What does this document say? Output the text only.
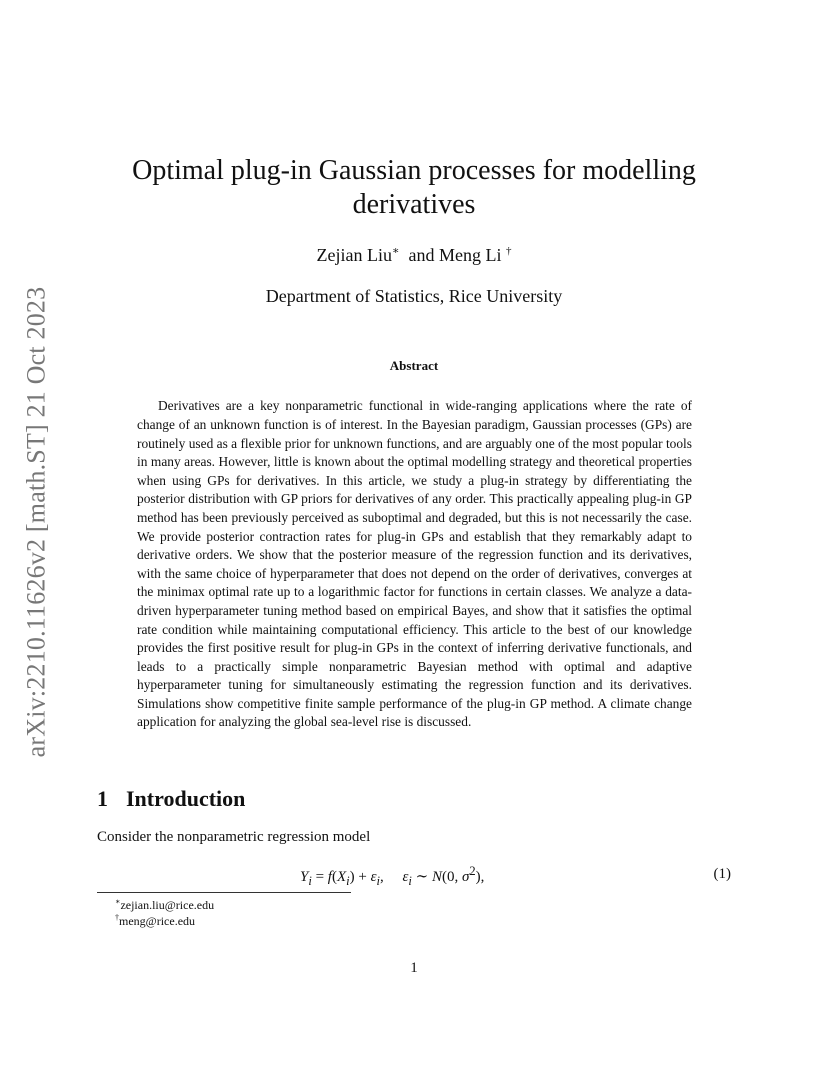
arXiv:2210.11626v2 [math.ST] 21 Oct 2023
Optimal plug-in Gaussian processes for modelling
derivatives
Zejian Liu∗ and Meng Li †
Department of Statistics, Rice University
Abstract

Derivatives are a key nonparametric functional in wide-ranging applications where the rate of change of an unknown function is of interest. In the Bayesian paradigm, Gaussian processes (GPs) are routinely used as a flexible prior for unknown functions, and are arguably one of the most popular tools in many areas. However, little is known about the optimal modelling strategy and theoretical properties when using GPs for derivatives. In this article, we study a plug-in strategy by differentiating the posterior distribution with GP priors for derivatives of any order. This practically appealing plug-in GP method has been previously perceived as suboptimal and degraded, but this is not necessarily the case. We provide posterior contraction rates for plug-in GPs and establish that they remarkably adapt to derivative orders. We show that the posterior measure of the regression function and its derivatives, with the same choice of hyperparameter that does not depend on the order of derivatives, converges at the minimax optimal rate up to a logarithmic factor for functions in certain classes. We analyze a data-driven hyperparameter tuning method based on empirical Bayes, and show that it satisfies the optimal rate condition while maintaining computational efficiency. This article to the best of our knowledge provides the first positive result for plug-in GPs in the context of inferring derivative functionals, and leads to a practically simple nonparametric Bayesian method with optimal and adaptive hyperparameter tuning for simultaneously estimating the regression function and its derivatives. Simulations show competitive finite sample performance of the plug-in GP method. A climate change application for analyzing the global sea-level rise is discussed.

1 Introduction
Consider the nonparametric regression model
$Y_i = f(X_i) + \varepsilon_i$, $\varepsilon_i$ ∼ N(0, $\sigma^2$),	(1)
∗zejian.liu@rice.edu
†meng@rice.edu
1
